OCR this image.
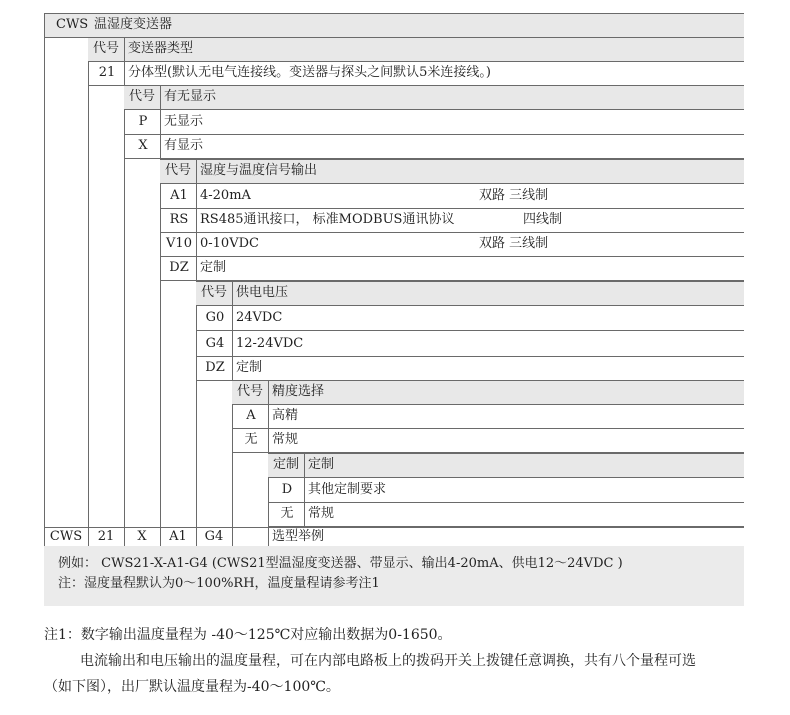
CWS 温湿度变送器
代号 变送器类型
21 分体型(默认无电气连接线。变送器与探头之间默认5米连接线。)
代号 有无显示
P	无显示
X	有显示
代号 湿度与温度信号输出
A1 4-20mA	双路 三线制
RS RS485通讯接口， 标准MODBUS通讯协议	四线制
V10 0-10VDC	双路 三线制
DZ 定制
代号 供电电压
G0 24VDC
G4 12-24VDC
DZ 定制
代号 精度选择
A	高精
无	常规
定制 定制
D	其他定制要求
无	常规
CWS	21	X	A1	G4	选型举例
例如： CWS21-X-A1-G4 (CWS21型温湿度变送器、带显示、输出4-20mA、供电12～24VDC )
注：湿度量程默认为0～100%RH，温度量程请参考注1
注1：数字输出温度量程为 -40～125℃对应输出数据为0-1650。
电流输出和电压输出的温度量程，可在内部电路板上的拨码开关上拨键任意调换，共有八个量程可选
（如下图），出厂默认温度量程为-40～100℃。
